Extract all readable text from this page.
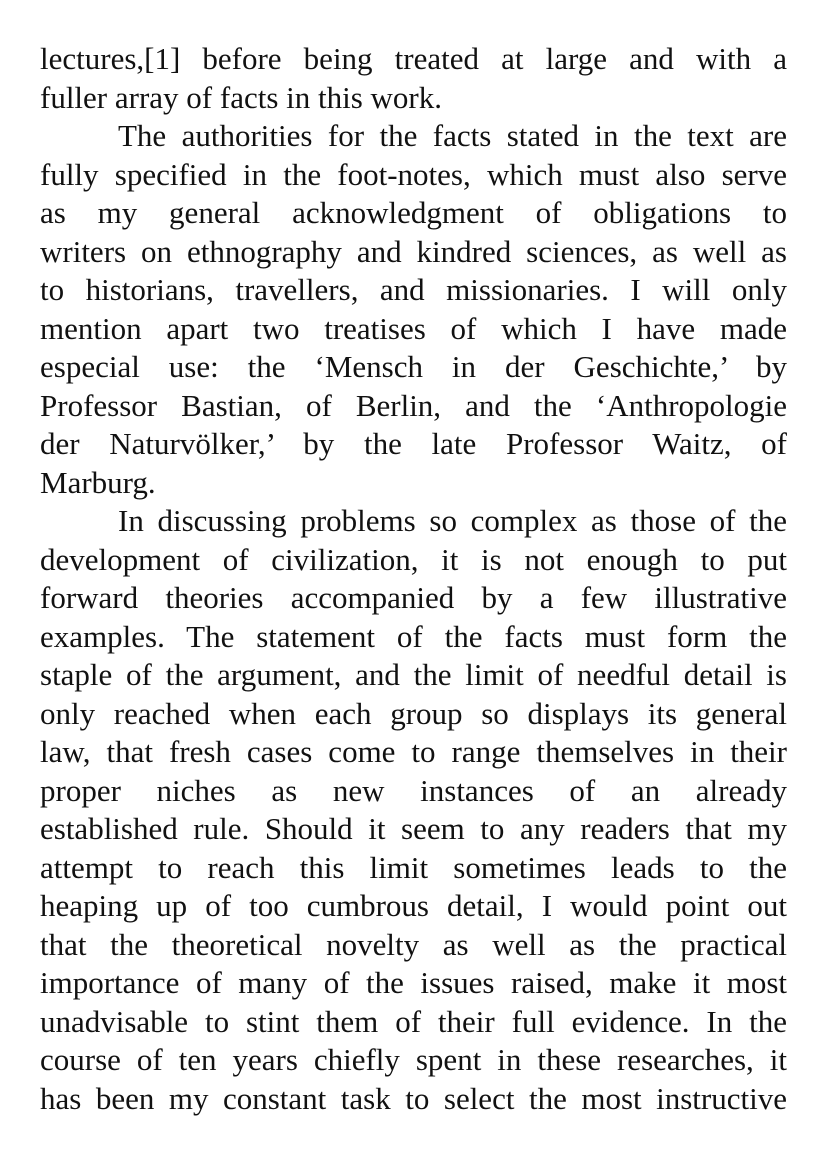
lectures,[1] before being treated at large and with a
fuller array of facts in this work.
The authorities for the facts stated in the text are
fully specified in the foot-notes, which must also serve
as my general acknowledgment of obligations to
writers on ethnography and kindred sciences, as well as
to historians, travellers, and missionaries. I will only
mention apart two treatises of which I have made
especial use: the ‘Mensch in der Geschichte,’ by
Professor Bastian, of Berlin, and the ‘Anthropologie
der Naturvölker,’ by the late Professor Waitz, of
Marburg.
In discussing problems so complex as those of the
development of civilization, it is not enough to put
forward theories accompanied by a few illustrative
examples. The statement of the facts must form the
staple of the argument, and the limit of needful detail is
only reached when each group so displays its general
law, that fresh cases come to range themselves in their
proper niches as new instances of an already
established rule. Should it seem to any readers that my
attempt to reach this limit sometimes leads to the
heaping up of too cumbrous detail, I would point out
that the theoretical novelty as well as the practical
importance of many of the issues raised, make it most
unadvisable to stint them of their full evidence. In the
course of ten years chiefly spent in these researches, it
has been my constant task to select the most instructive
